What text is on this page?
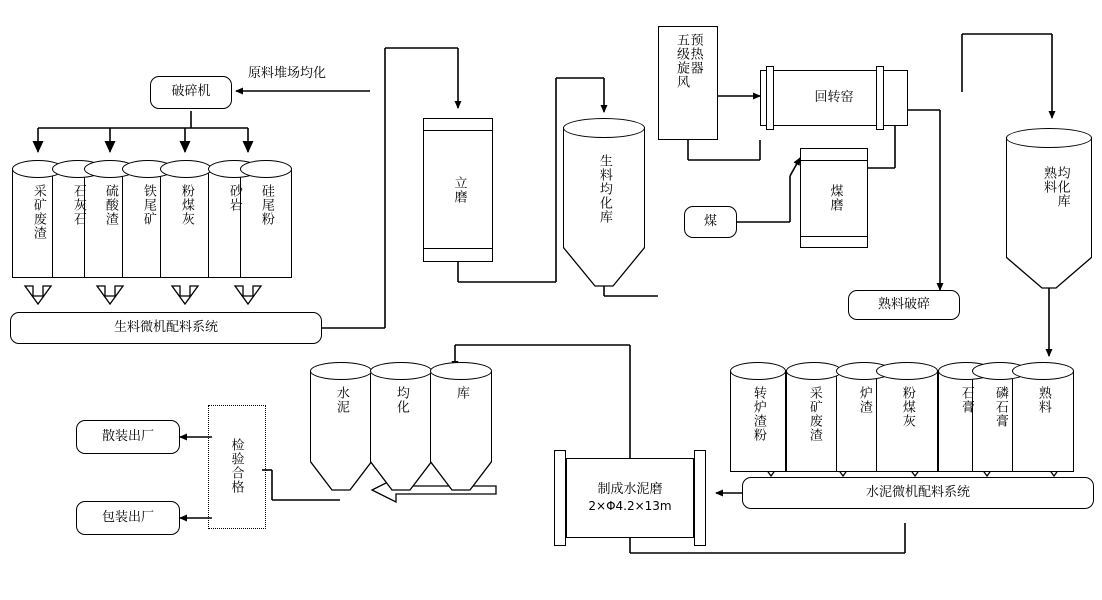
原料堆场均化
破碎机
采矿废渣 石灰石 硫酸渣 铁尾矿 粉煤灰	砂岩 硅尾粉
生料微机配料系统
立磨	生料均化库
预热器
五级旋风
回转窑
煤
煤磨
熟料破碎
均化库
熟料
转炉渣粉	采矿废渣	炉渣 粉煤灰	石膏 磷石膏 熟料
水泥微机配料系统
制成水泥磨
2×Φ4.2×13m
水泥	均化	库
检验合格
散装出厂
包装出厂
